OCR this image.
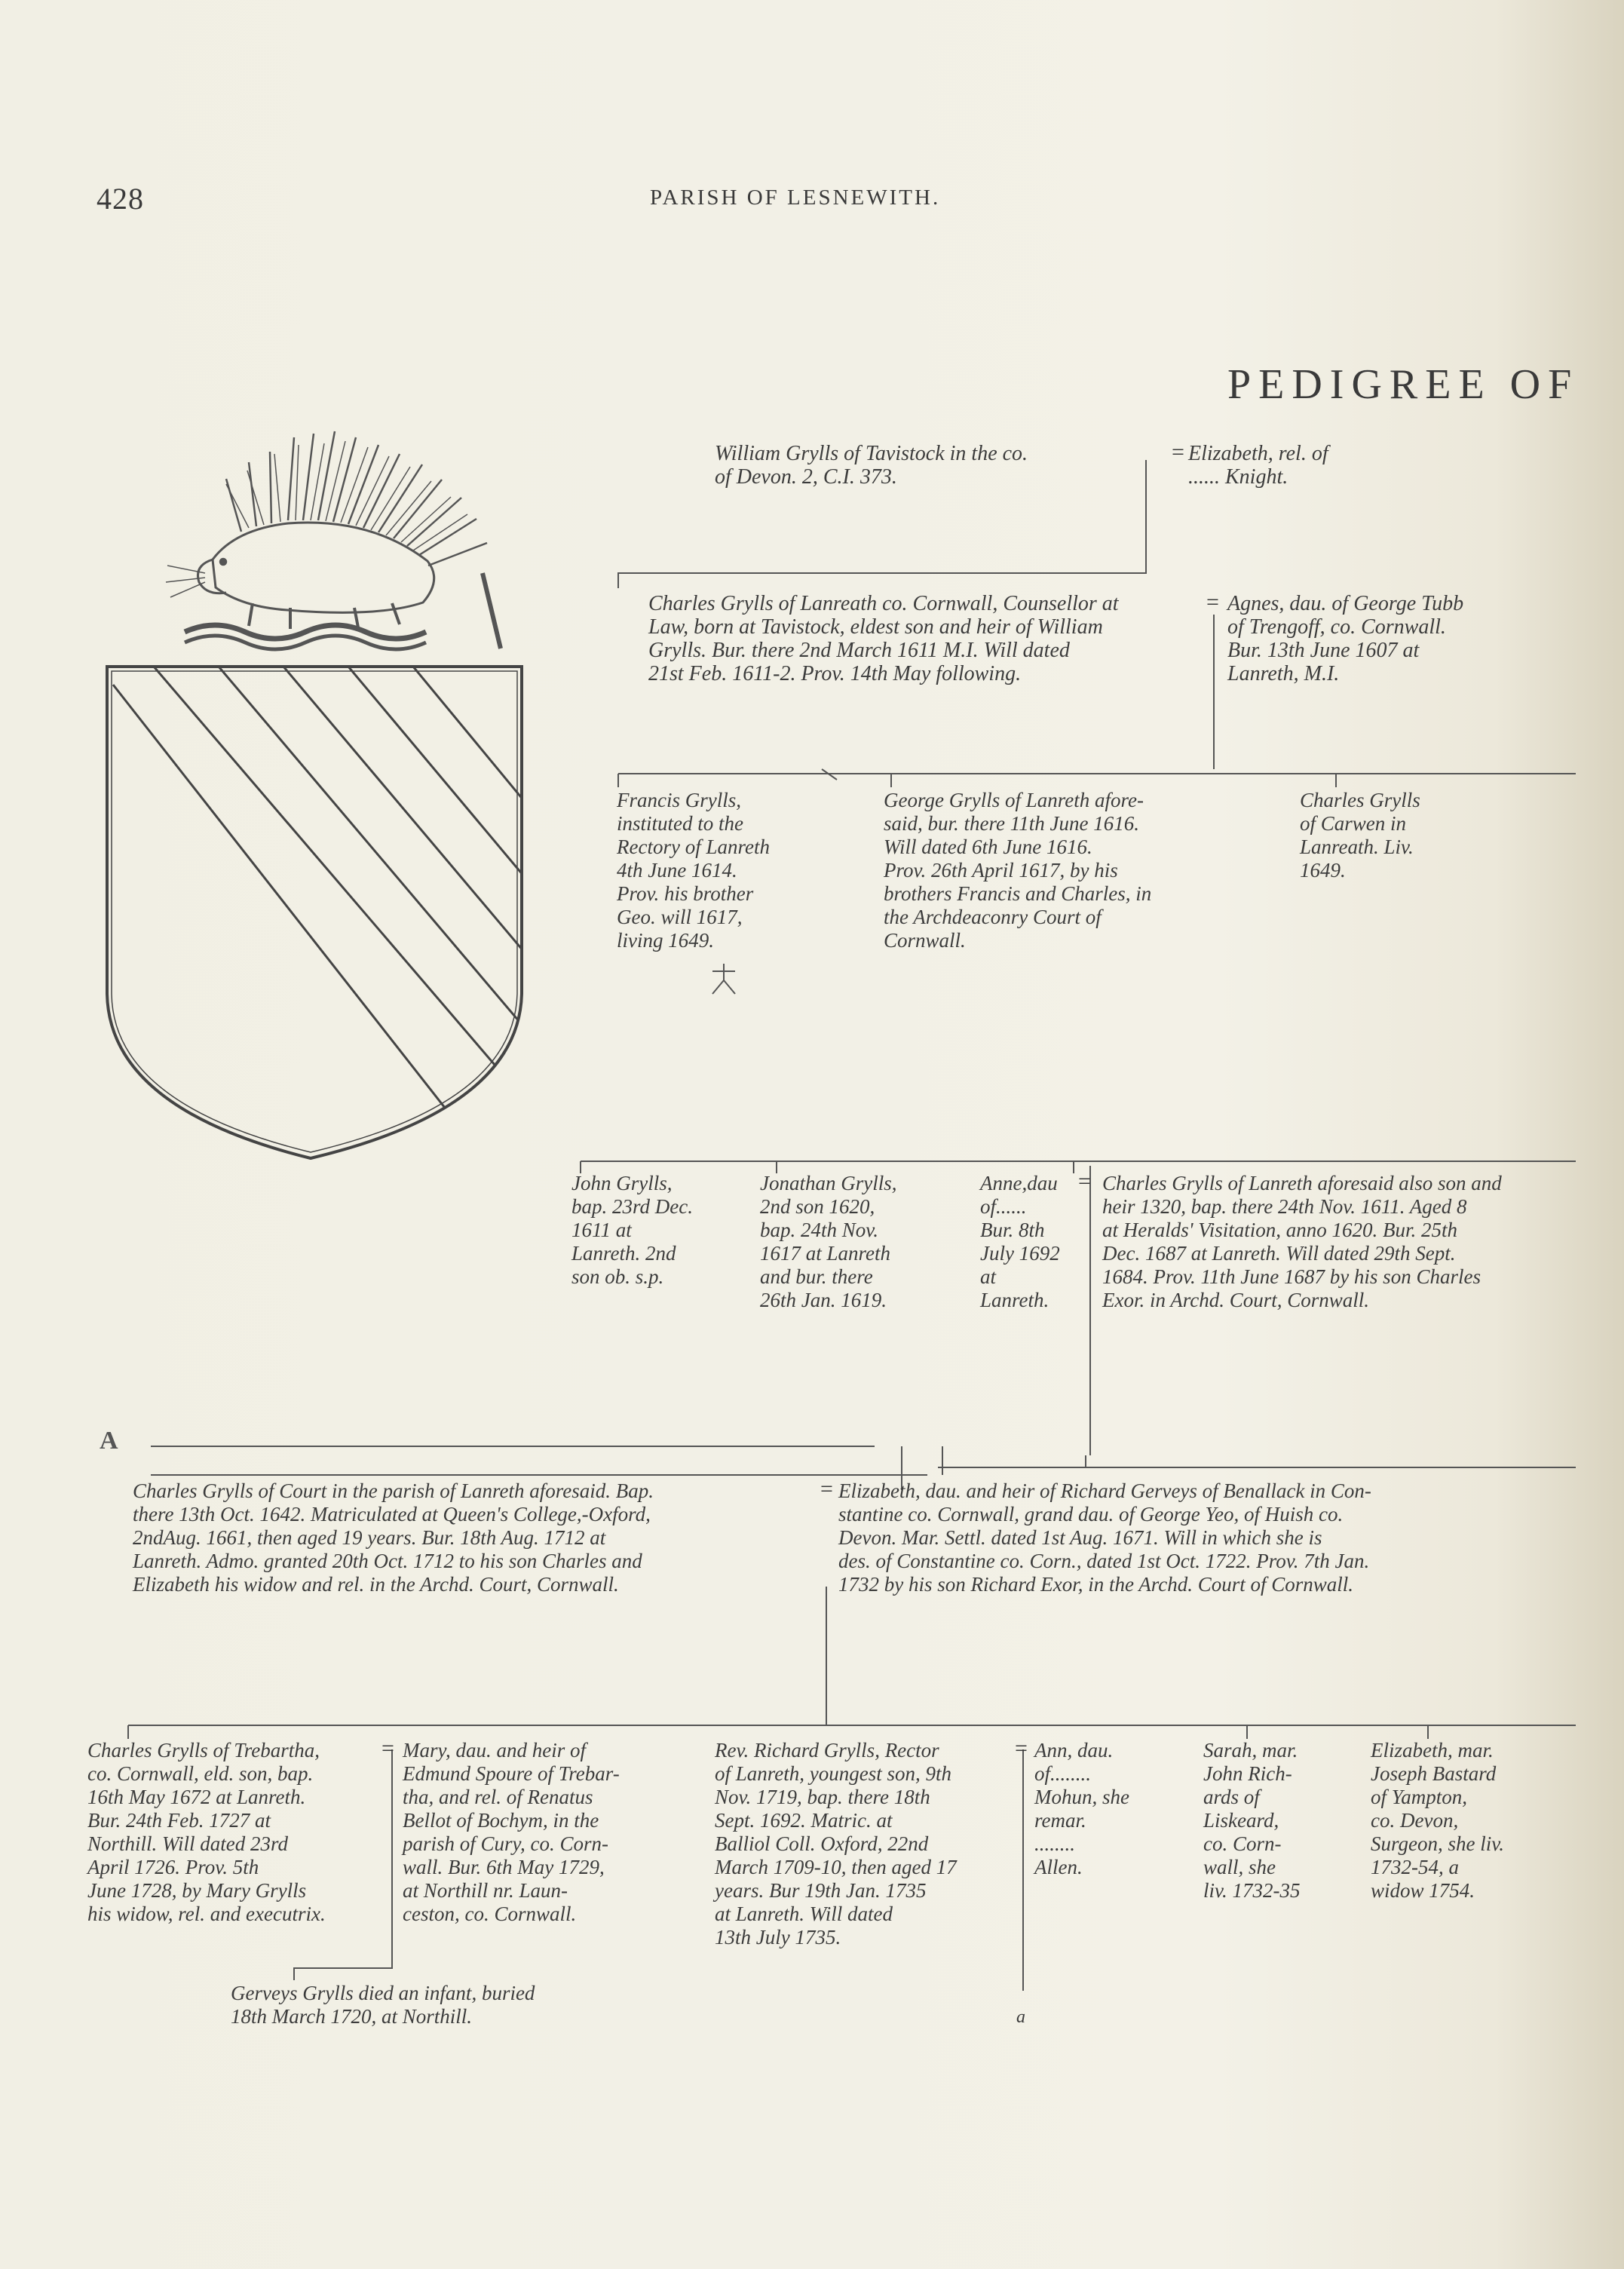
428	PARISH OF LESNEWITH.
PEDIGREE OF
William Grylls of Tavistock in the co.
of Devon. 2, C.I. 373.
= Elizabeth, rel. of
...... Knight.
Charles Grylls of Lanreath co. Cornwall, Counsellor at
Law, born at Tavistock, eldest son and heir of William
Grylls. Bur. there 2nd March 1611 M.I. Will dated
21st Feb. 1611-2. Prov. 14th May following.
= Agnes, dau. of George Tubb
of Trengoff, co. Cornwall.
Bur. 13th June 1607 at
Lanreth, M.I.
Francis Grylls,
instituted to the
Rectory of Lanreth
4th June 1614.
Prov. his brother
Geo. will 1617,
living 1649.
George Grylls of Lanreth afore-
said, bur. there 11th June 1616.
Will dated 6th June 1616.
Prov. 26th April 1617, by his
brothers Francis and Charles, in
the Archdeaconry Court of
Cornwall.
Charles Grylls
of Carwen in
Lanreath. Liv.
1649.
John Grylls,
bap. 23rd Dec.
1611 at
Lanreth. 2nd
son ob. s.p.
Jonathan Grylls,
2nd son 1620,
bap. 24th Nov.
1617 at Lanreth
and bur. there
26th Jan. 1619.
Anne,dau
of......
Bur. 8th
July 1692
at
Lanreth.
= Charles Grylls of Lanreth aforesaid also son and
heir 1320, bap. there 24th Nov. 1611. Aged 8
at Heralds' Visitation, anno 1620. Bur. 25th
Dec. 1687 at Lanreth. Will dated 29th Sept.
1684. Prov. 11th June 1687 by his son Charles
Exor. in Archd. Court, Cornwall.
A
Charles Grylls of Court in the parish of Lanreth aforesaid. Bap.
there 13th Oct. 1642. Matriculated at Queen's College,-Oxford,
2ndAug. 1661, then aged 19 years. Bur. 18th Aug. 1712 at
Lanreth. Admo. granted 20th Oct. 1712 to his son Charles and
Elizabeth his widow and rel. in the Archd. Court, Cornwall.
= Elizabeth, dau. and heir of Richard Gerveys of Benallack in Con-
stantine co. Cornwall, grand dau. of George Yeo, of Huish co.
Devon. Mar. Settl. dated 1st Aug. 1671. Will in which she is
des. of Constantine co. Corn., dated 1st Oct. 1722. Prov. 7th Jan.
1732 by his son Richard Exor, in the Archd. Court of Cornwall.
Charles Grylls of Trebartha,
co. Cornwall, eld. son, bap.
16th May 1672 at Lanreth.
Bur. 24th Feb. 1727 at
Northill. Will dated 23rd
April 1726. Prov. 5th
June 1728, by Mary Grylls
his widow, rel. and executrix.
= Mary, dau. and heir of
Edmund Spoure of Trebar-
tha, and rel. of Renatus
Bellot of Bochym, in the
parish of Cury, co. Corn-
wall. Bur. 6th May 1729,
at Northill nr. Laun-
ceston, co. Cornwall.
Rev. Richard Grylls, Rector
of Lanreth, youngest son, 9th
Nov. 1719, bap. there 18th
Sept. 1692. Matric. at
Balliol Coll. Oxford, 22nd
March 1709-10, then aged 17
years. Bur 19th Jan. 1735
at Lanreth. Will dated
13th July 1735.
= Ann, dau.
of........
Mohun, she
remar.
........
Allen.
Sarah, mar.
John Rich-
ards of
Liskeard,
co. Corn-
wall, she
liv. 1732-35
Elizabeth, mar.
Joseph Bastard
of Yampton,
co. Devon,
Surgeon, she liv.
1732-54, a
widow 1754.
Gerveys Grylls died an infant, buried
18th March 1720, at Northill.	a
